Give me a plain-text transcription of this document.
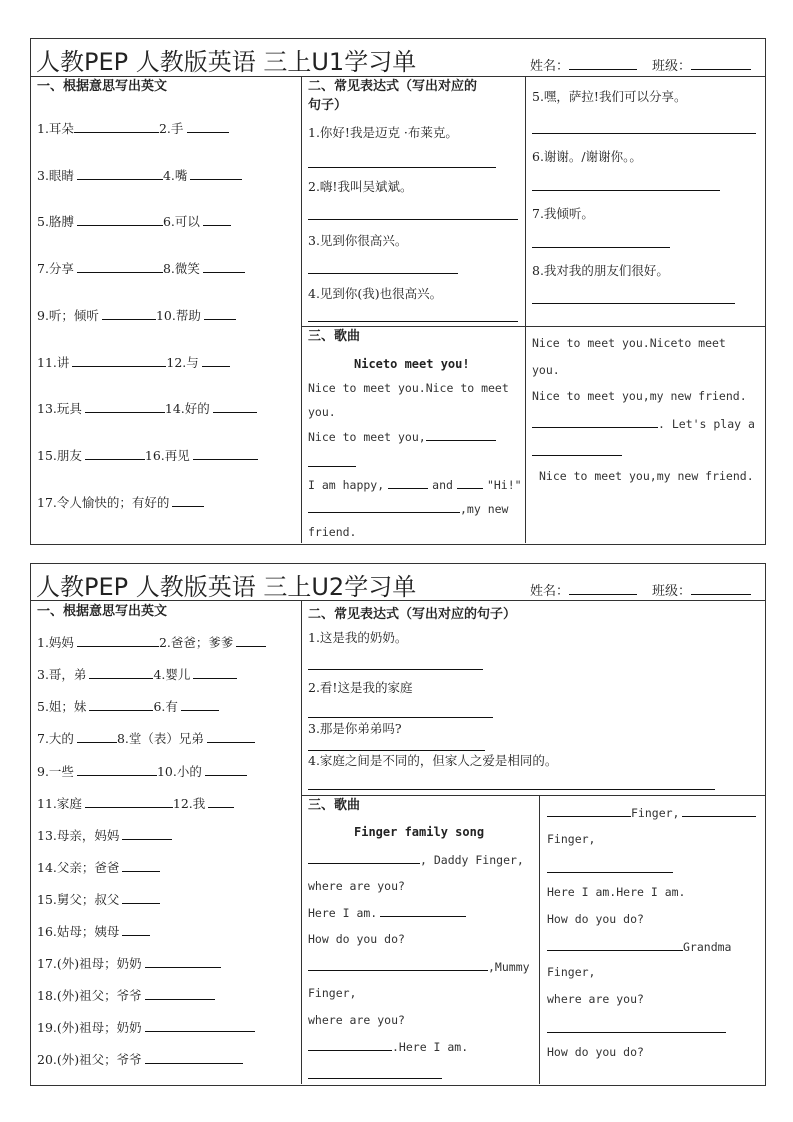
人教PEP 人教版英语 三上U1学习单	姓名：	班级：
一、根据意思写出英文
1.耳朵	2.手
3.眼睛	4.嘴
5.胳膊	6.可以
7.分享	8.微笑
9.听；倾听	10.帮助
11.讲	12.与
13.玩具	14.好的
15.朋友	16.再见
17.令人愉快的；有好的
二、常见表达式（写出对应的
句子）
1.你好!我是迈克 ·布莱克。
2.嗨!我叫吴斌斌。
3.见到你很高兴。
4.见到你(我)也很高兴。
5.嘿，萨拉!我们可以分享。
6.谢谢。/谢谢你。。
7.我倾听。
8.我对我的朋友们很好。
三、歌曲
Niceto meet you!
Nice to meet you.Nice to meet
you.
Nice to meet you,
I am happy,	and	"Hi!"
,my new
friend.
Nice to meet you.Niceto meet
you.
Nice to meet you,my new friend.
. Let's play a
Nice to meet you,my new friend.
人教PEP 人教版英语 三上U2学习单	姓名：	班级：
一、根据意思写出英文
1.妈妈	2.爸爸；爹爹
3.哥，弟	4.婴儿
5.姐；妹	6.有
7.大的	8.堂（表）兄弟
9.一些	10.小的
11.家庭	12.我
13.母亲，妈妈
14.父亲；爸爸
15.舅父；叔父
16.姑母；姨母
17.(外)祖母；奶奶
18.(外)祖父；爷爷
19.(外)祖母；奶奶
20.(外)祖父；爷爷
二、常见表达式（写出对应的句子）
1.这是我的奶奶。
2.看!这是我的家庭
3.那是你弟弟吗?
4.家庭之间是不同的，但家人之爱是相同的。
三、歌曲
Finger family song
, Daddy Finger,
where are you?
Here I am.
How do you do?
,Mummy
Finger,
where are you?
.Here I am.
Finger,
Finger,
Here I am.Here I am.
How do you do?
Grandma
Finger,
where are you?
How do you do?
